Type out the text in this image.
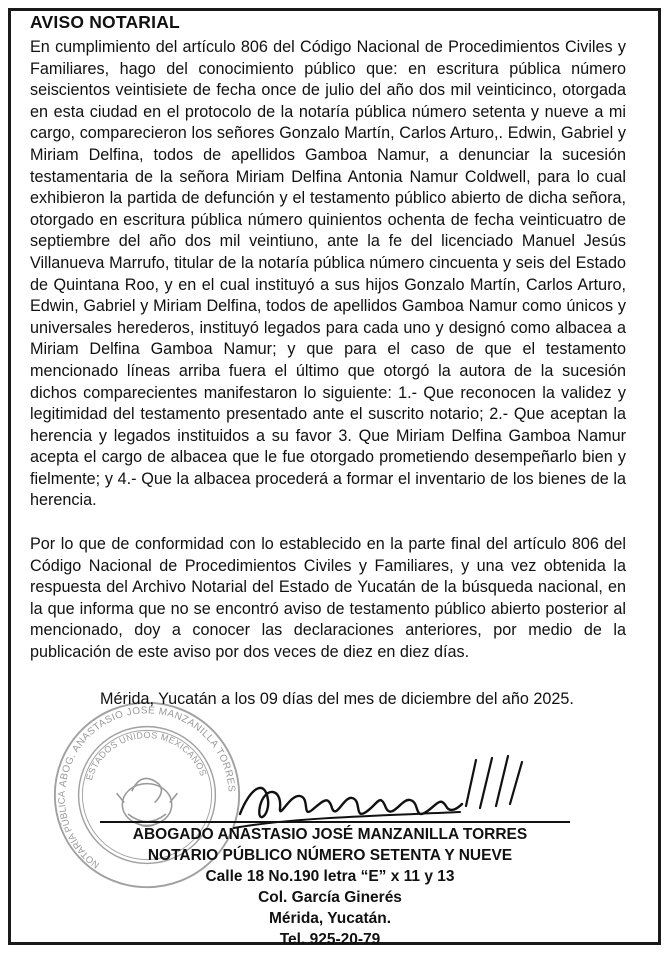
AVISO NOTARIAL

En cumplimiento del artículo 806 del Código Nacional de Procedimientos Civiles y Familiares, hago del conocimiento público que: en escritura pública número seiscientos veintisiete de fecha once de julio del año dos mil veinticinco, otorgada en esta ciudad en el protocolo de la notaría pública número setenta y nueve a mi cargo, comparecieron los señores Gonzalo Martín, Carlos Arturo,. Edwin, Gabriel y Miriam Delfina, todos de apellidos Gamboa Namur, a denunciar la sucesión testamentaria de la señora Miriam Delfina Antonia Namur Coldwell, para lo cual exhibieron la partida de defunción y el testamento público abierto de dicha señora, otorgado en escritura pública número quinientos ochenta de fecha veinticuatro de septiembre del año dos mil veintiuno, ante la fe del licenciado Manuel Jesús Villanueva Marrufo, titular de la notaría pública número cincuenta y seis del Estado de Quintana Roo, y en el cual instituyó a sus hijos Gonzalo Martín, Carlos Arturo, Edwin, Gabriel y Miriam Delfina, todos de apellidos Gamboa Namur como únicos y universales herederos, instituyó legados para cada uno y designó como albacea a Miriam Delfina Gamboa Namur; y que para el caso de que el testamento mencionado líneas arriba fuera el último que otorgó la autora de la sucesión dichos comparecientes manifestaron lo siguiente: 1.- Que reconocen la validez y legitimidad del testamento presentado ante el suscrito notario; 2.- Que aceptan la herencia y legados instituidos a su favor 3. Que Miriam Delfina Gamboa Namur acepta el cargo de albacea que le fue otorgado prometiendo desempeñarlo bien y fielmente; y 4.- Que la albacea procederá a formar el inventario de los bienes de la herencia.

Por lo que de conformidad con lo establecido en la parte final del artículo 806 del Código Nacional de Procedimientos Civiles y Familiares, y una vez obtenida la respuesta del Archivo Notarial del Estado de Yucatán de la búsqueda nacional, en la que informa que no se encontró aviso de testamento público abierto posterior al mencionado, doy a conocer las declaraciones anteriores, por medio de la publicación de este aviso por dos veces de diez en diez días.

ABOG. ANASTASIO JOSÉ MANZANILLA TORRES
ESTADOS UNIDOS MEXICANOS
NOTARIA PÚBLICA
Mérida, Yucatán a los 09 días del mes de diciembre del año 2025.
ABOGADO ANASTASIO JOSÉ MANZANILLA TORRES
NOTARIO PÚBLICO NÚMERO SETENTA Y NUEVE
Calle 18 No.190 letra “E” x 11 y 13
Col. García Ginerés
Mérida, Yucatán.
Tel. 925-20-79
